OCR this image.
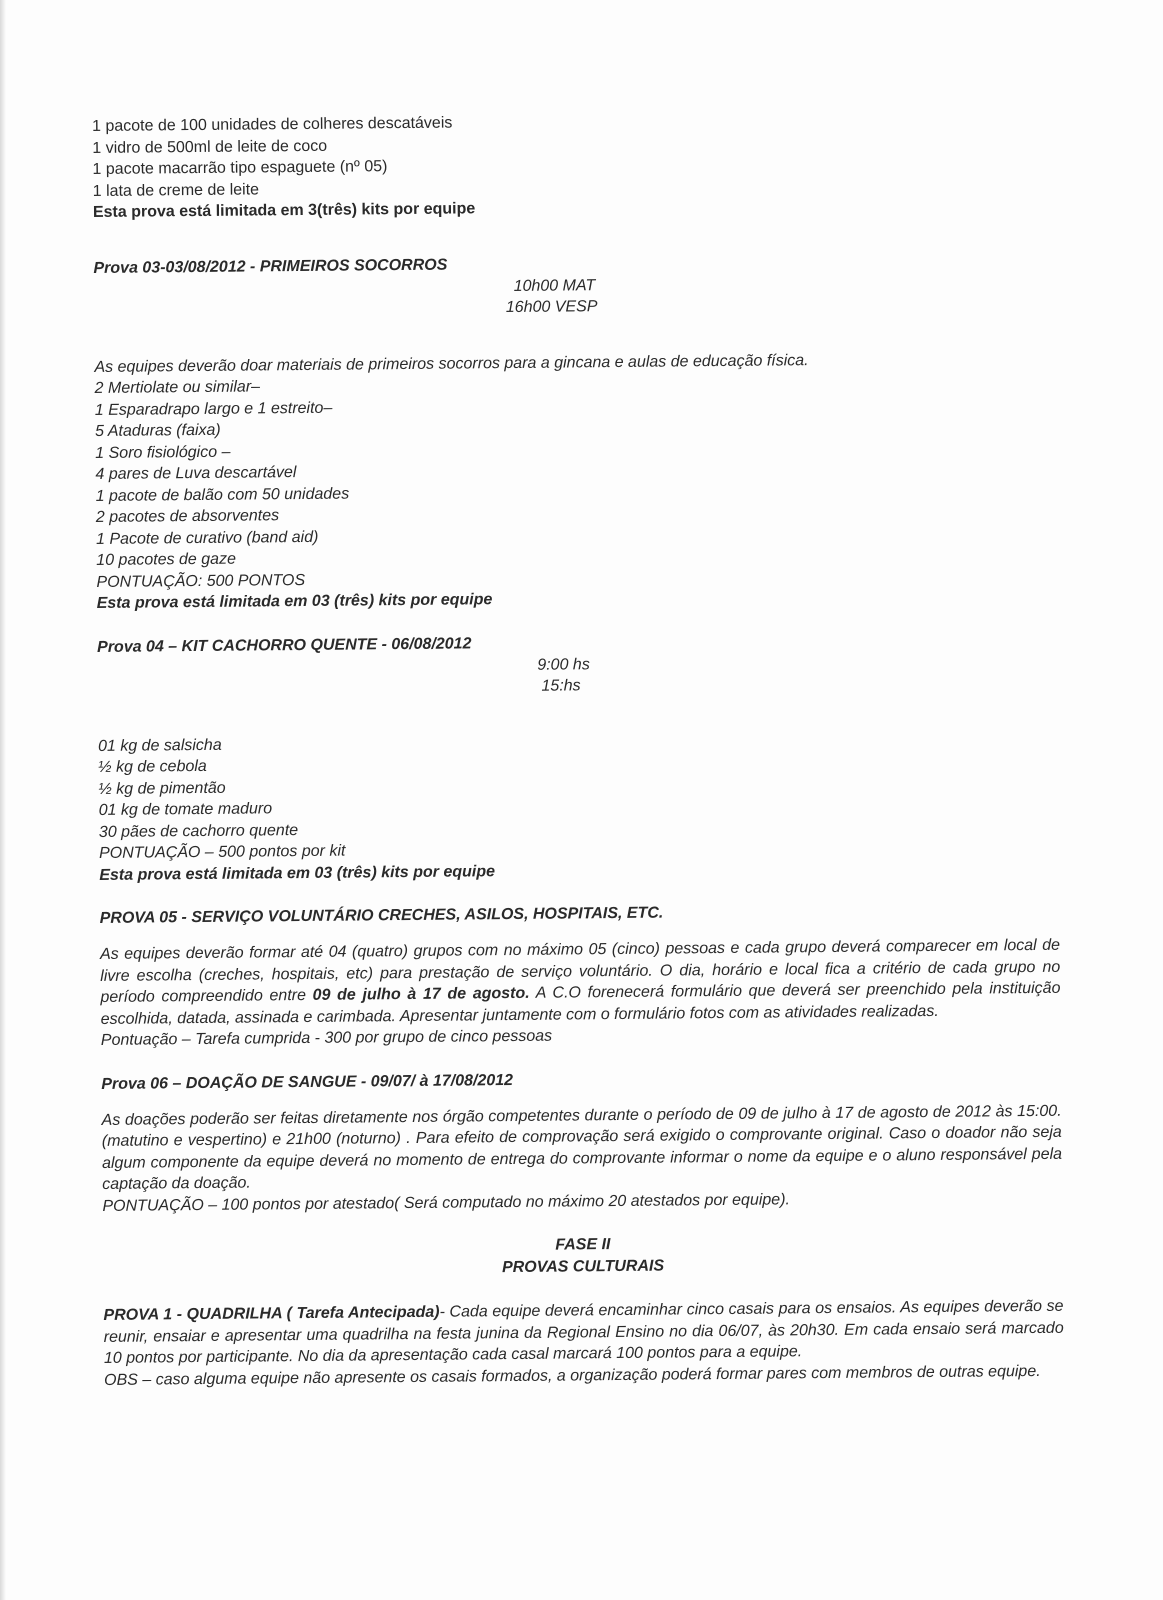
1 pacote de 100 unidades de colheres descatáveis
1 vidro de 500ml de leite de coco
1 pacote macarrão tipo espaguete (nº 05)
1 lata de creme de leite
Esta prova está limitada em 3(três) kits por equipe
Prova 03-03/08/2012 - PRIMEIROS SOCORROS
10h00 MAT
16h00 VESP
As equipes deverão doar materiais de primeiros socorros para a gincana e aulas de educação física.
2 Mertiolate ou similar–
1 Esparadrapo largo e 1 estreito–
5 Ataduras (faixa)
1 Soro fisiológico –
4 pares de Luva descartável
1 pacote de balão com 50 unidades
2 pacotes de absorventes
1 Pacote de curativo (band aid)
10 pacotes de gaze
PONTUAÇÃO: 500 PONTOS
Esta prova está limitada em 03 (três) kits por equipe
Prova 04 – KIT CACHORRO QUENTE - 06/08/2012
9:00 hs
15:hs
01 kg de salsicha
½ kg de cebola
½ kg de pimentão
01 kg de tomate maduro
30 pães de cachorro quente
PONTUAÇÃO – 500 pontos por kit
Esta prova está limitada em 03 (três) kits por equipe
PROVA 05 - SERVIÇO VOLUNTÁRIO CRECHES, ASILOS, HOSPITAIS, ETC.
As equipes deverão formar até 04 (quatro) grupos com no máximo 05 (cinco) pessoas e cada grupo deverá comparecer em local de livre escolha (creches, hospitais, etc) para prestação de serviço voluntário. O dia, horário e local fica a critério de cada grupo no período compreendido entre 09 de julho à 17 de agosto. A C.O forenecerá formulário que deverá ser preenchido pela instituição escolhida, datada, assinada e carimbada. Apresentar juntamente com o formulário fotos com as atividades realizadas.
Pontuação – Tarefa cumprida - 300 por grupo de cinco pessoas
Prova 06 – DOAÇÃO DE SANGUE - 09/07/ à 17/08/2012
As doações poderão ser feitas diretamente nos órgão competentes durante o período de 09 de julho à 17 de agosto de 2012 às 15:00. (matutino e vespertino) e 21h00 (noturno) . Para efeito de comprovação será exigido o comprovante original. Caso o doador não seja algum componente da equipe deverá no momento de entrega do comprovante informar o nome da equipe e o aluno responsável pela captação da doação.
PONTUAÇÃO – 100 pontos por atestado( Será computado no máximo 20 atestados por equipe).
FASE II
PROVAS CULTURAIS
PROVA 1 - QUADRILHA ( Tarefa Antecipada)- Cada equipe deverá encaminhar cinco casais para os ensaios. As equipes deverão se reunir, ensaiar e apresentar uma quadrilha na festa junina da Regional Ensino no dia 06/07, às 20h30. Em cada ensaio será marcado 10 pontos por participante. No dia da apresentação cada casal marcará 100 pontos para a equipe.
OBS – caso alguma equipe não apresente os casais formados, a organização poderá formar pares com membros de outras equipe.
